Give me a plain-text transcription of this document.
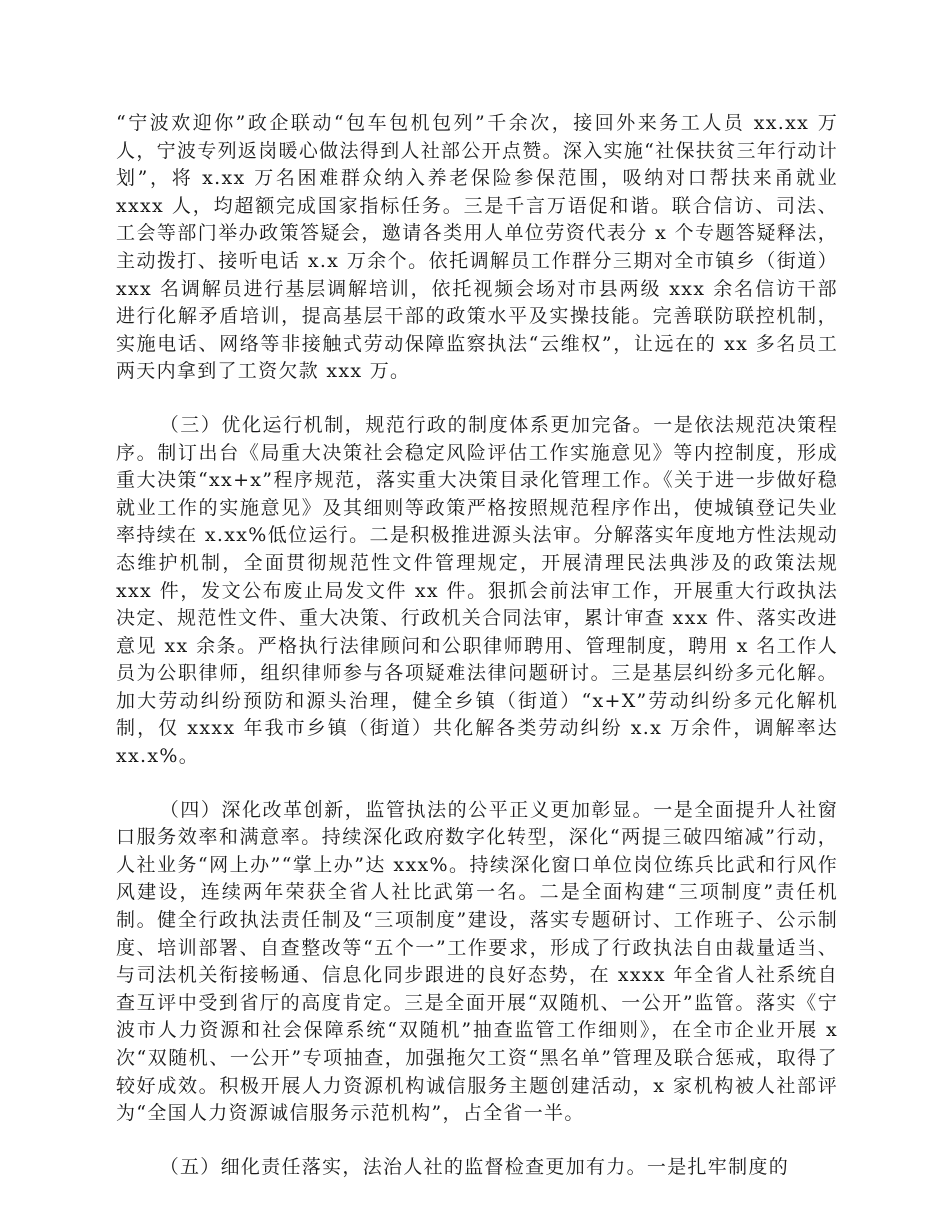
“宁波欢迎你”政企联动“包车包机包列”千余次，接回外来务工人员 xx.xx 万人，宁波专列返岗暖心做法得到人社部公开点赞。深入实施“社保扶贫三年行动计划”，将 x.xx 万名困难群众纳入养老保险参保范围，吸纳对口帮扶来甬就业 xxxx 人，均超额完成国家指标任务。三是千言万语促和谐。联合信访、司法、工会等部门举办政策答疑会，邀请各类用人单位劳资代表分 x 个专题答疑释法，主动拨打、接听电话 x.x 万余个。依托调解员工作群分三期对全市镇乡（街道）xxx 名调解员进行基层调解培训，依托视频会场对市县两级 xxx 余名信访干部进行化解矛盾培训，提高基层干部的政策水平及实操技能。完善联防联控机制，实施电话、网络等非接触式劳动保障监察执法“云维权”，让远在的 xx 多名员工两天内拿到了工资欠款 xxx 万。

（三）优化运行机制，规范行政的制度体系更加完备。一是依法规范决策程序。制订出台《局重大决策社会稳定风险评估工作实施意见》等内控制度，形成重大决策“xx+x”程序规范，落实重大决策目录化管理工作。《关于进一步做好稳就业工作的实施意见》及其细则等政策严格按照规范程序作出，使城镇登记失业率持续在 x.xx%低位运行。二是积极推进源头法审。分解落实年度地方性法规动态维护机制，全面贯彻规范性文件管理规定，开展清理民法典涉及的政策法规 xxx 件，发文公布废止局发文件 xx 件。狠抓会前法审工作，开展重大行政执法决定、规范性文件、重大决策、行政机关合同法审，累计审查 xxx 件、落实改进意见 xx 余条。严格执行法律顾问和公职律师聘用、管理制度，聘用 x 名工作人员为公职律师，组织律师参与各项疑难法律问题研讨。三是基层纠纷多元化解。加大劳动纠纷预防和源头治理，健全乡镇（街道）“x+X”劳动纠纷多元化解机制，仅 xxxx 年我市乡镇（街道）共化解各类劳动纠纷 x.x 万余件，调解率达 xx.x%。

（四）深化改革创新，监管执法的公平正义更加彰显。一是全面提升人社窗口服务效率和满意率。持续深化政府数字化转型，深化“两提三破四缩减”行动，人社业务“网上办”“掌上办”达 xxx%。持续深化窗口单位岗位练兵比武和行风作风建设，连续两年荣获全省人社比武第一名。二是全面构建“三项制度”责任机制。健全行政执法责任制及“三项制度”建设，落实专题研讨、工作班子、公示制度、培训部署、自查整改等“五个一”工作要求，形成了行政执法自由裁量适当、与司法机关衔接畅通、信息化同步跟进的良好态势，在 xxxx 年全省人社系统自查互评中受到省厅的高度肯定。三是全面开展“双随机、一公开”监管。落实《宁波市人力资源和社会保障系统“双随机”抽查监管工作细则》，在全市企业开展 x 次“双随机、一公开”专项抽查，加强拖欠工资“黑名单”管理及联合惩戒，取得了较好成效。积极开展人力资源机构诚信服务主题创建活动，x 家机构被人社部评为“全国人力资源诚信服务示范机构”，占全省一半。

（五）细化责任落实，法治人社的监督检查更加有力。一是扎牢制度的
